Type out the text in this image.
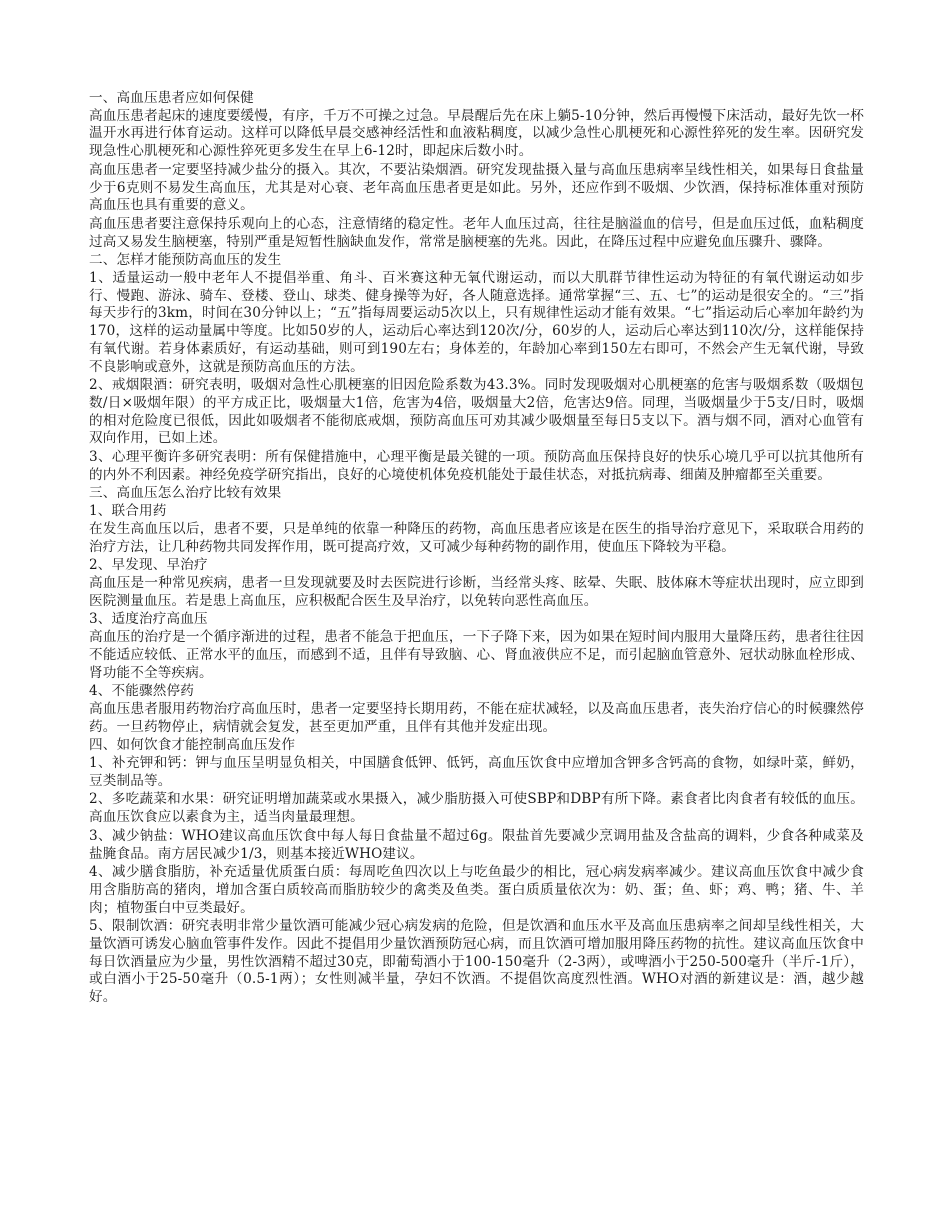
一、高血压患者应如何保健

高血压患者起床的速度要缓慢，有序，千万不可操之过急。早晨醒后先在床上躺5-10分钟，然后再慢慢下床活动，最好先饮一杯温开水再进行体育运动。这样可以降低早晨交感神经活性和血液粘稠度，以减少急性心肌梗死和心源性猝死的发生率。因研究发现急性心肌梗死和心源性猝死更多发生在早上6-12时，即起床后数小时。

高血压患者一定要坚持减少盐分的摄入。其次，不要沾染烟酒。研究发现盐摄入量与高血压患病率呈线性相关，如果每日食盐量少于6克则不易发生高血压，尤其是对心衰、老年高血压患者更是如此。另外，还应作到不吸烟、少饮酒，保持标准体重对预防高血压也具有重要的意义。

高血压患者要注意保持乐观向上的心态，注意情绪的稳定性。老年人血压过高，往往是脑溢血的信号，但是血压过低，血粘稠度过高又易发生脑梗塞，特别严重是短暂性脑缺血发作，常常是脑梗塞的先兆。因此，在降压过程中应避免血压骤升、骤降。

二、怎样才能预防高血压的发生

1、适量运动一般中老年人不提倡举重、角斗、百米赛这种无氧代谢运动，而以大肌群节律性运动为特征的有氧代谢运动如步行、慢跑、游泳、骑车、登楼、登山、球类、健身操等为好，各人随意选择。通常掌握“三、五、七”的运动是很安全的。“三”指每天步行的3km，时间在30分钟以上；“五”指每周要运动5次以上，只有规律性运动才能有效果。“七”指运动后心率加年龄约为170，这样的运动量属中等度。比如50岁的人，运动后心率达到120次/分，60岁的人，运动后心率达到110次/分，这样能保持有氧代谢。若身体素质好，有运动基础，则可到190左右；身体差的，年龄加心率到150左右即可，不然会产生无氧代谢，导致不良影响或意外，这就是预防高血压的方法。

2、戒烟限酒：研究表明，吸烟对急性心肌梗塞的旧因危险系数为43.3%。同时发现吸烟对心肌梗塞的危害与吸烟系数（吸烟包数/日×吸烟年限）的平方成正比，吸烟量大1倍，危害为4倍，吸烟量大2倍，危害达9倍。同理，当吸烟量少于5支/日时，吸烟的相对危险度已很低，因此如吸烟者不能彻底戒烟，预防高血压可劝其减少吸烟量至每日5支以下。酒与烟不同，酒对心血管有双向作用，已如上述。

3、心理平衡许多研究表明：所有保健措施中，心理平衡是最关键的一项。预防高血压保持良好的快乐心境几乎可以抗其他所有的内外不利因素。神经免疫学研究指出，良好的心境使机体免疫机能处于最佳状态，对抵抗病毒、细菌及肿瘤都至关重要。

三、高血压怎么治疗比较有效果

1、联合用药

在发生高血压以后，患者不要，只是单纯的依靠一种降压的药物，高血压患者应该是在医生的指导治疗意见下，采取联合用药的治疗方法，让几种药物共同发挥作用，既可提高疗效，又可减少每种药物的副作用，使血压下降较为平稳。

2、早发现、早治疗

高血压是一种常见疾病，患者一旦发现就要及时去医院进行诊断，当经常头疼、眩晕、失眠、肢体麻木等症状出现时，应立即到医院测量血压。若是患上高血压，应积极配合医生及早治疗，以免转向恶性高血压。

3、适度治疗高血压

高血压的治疗是一个循序渐进的过程，患者不能急于把血压，一下子降下来，因为如果在短时间内服用大量降压药，患者往往因不能适应较低、正常水平的血压，而感到不适，且伴有导致脑、心、肾血液供应不足，而引起脑血管意外、冠状动脉血栓形成、肾功能不全等疾病。

4、不能骤然停药

高血压患者服用药物治疗高血压时，患者一定要坚持长期用药，不能在症状减轻，以及高血压患者，丧失治疗信心的时候骤然停药。一旦药物停止，病情就会复发，甚至更加严重，且伴有其他并发症出现。

四、如何饮食才能控制高血压发作

1、补充钾和钙：钾与血压呈明显负相关，中国膳食低钾、低钙，高血压饮食中应增加含钾多含钙高的食物，如绿叶菜，鲜奶，豆类制品等。

2、多吃蔬菜和水果：研究证明增加蔬菜或水果摄入，减少脂肪摄入可使SBP和DBP有所下降。素食者比肉食者有较低的血压。高血压饮食应以素食为主，适当肉量最理想。

3、减少钠盐：WHO建议高血压饮食中每人每日食盐量不超过6g。限盐首先要减少烹调用盐及含盐高的调料，少食各种咸菜及盐腌食品。南方居民减少1/3，则基本接近WHO建议。

4、减少膳食脂肪，补充适量优质蛋白质：每周吃鱼四次以上与吃鱼最少的相比，冠心病发病率减少。建议高血压饮食中减少食用含脂肪高的猪肉，增加含蛋白质较高而脂肪较少的禽类及鱼类。蛋白质质量依次为：奶、蛋；鱼、虾；鸡、鸭；猪、牛、羊肉；植物蛋白中豆类最好。

5、限制饮酒：研究表明非常少量饮酒可能减少冠心病发病的危险，但是饮酒和血压水平及高血压患病率之间却呈线性相关，大量饮酒可诱发心脑血管事件发作。因此不提倡用少量饮酒预防冠心病，而且饮酒可增加服用降压药物的抗性。建议高血压饮食中每日饮酒量应为少量，男性饮酒精不超过30克，即葡萄酒小于100-150毫升（2-3两），或啤酒小于250-500毫升（半斤-1斤），或白酒小于25-50毫升（0.5-1两）；女性则减半量，孕妇不饮酒。不提倡饮高度烈性酒。WHO对酒的新建议是：酒，越少越好。
